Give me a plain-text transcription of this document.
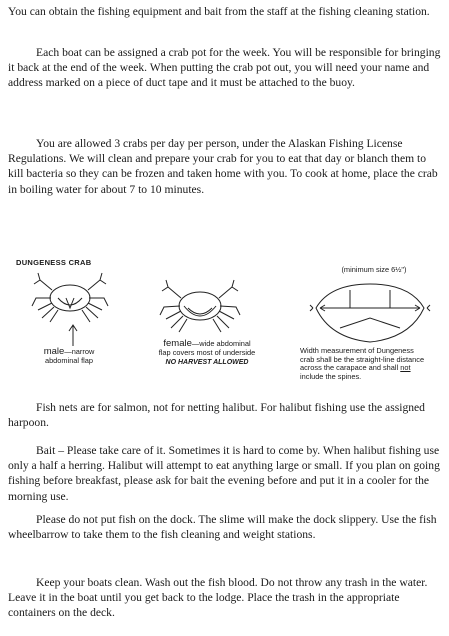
You can obtain the fishing equipment and bait from the staff at the fishing cleaning station.

Each boat can be assigned a crab pot for the week. You will be responsible for bringing it back at the end of the week. When putting the crab pot out, you will need your name and address marked on a piece of duct tape and it must be attached to the buoy.

You are allowed 3 crabs per day per person, under the Alaskan Fishing License Regulations. We will clean and prepare your crab for you to eat that day or blanch them to kill bacteria so they can be frozen and taken home with you. To cook at home, place the crab in boiling water for about 7 to 10 minutes.

DUNGENESS CRAB
male—narrow
abdominal flap
female—wide abdominal
flap covers most of underside
NO HARVEST ALLOWED
(minimum size 6½")
Width measurement of Dungeness
crab shall be the straight-line distance
across the carapace and shall not
include the spines.

Fish nets are for salmon, not for netting halibut. For halibut fishing use the assigned harpoon.

Bait – Please take care of it. Sometimes it is hard to come by. When halibut fishing use only a half a herring. Halibut will attempt to eat anything large or small. If you plan on going fishing before breakfast, please ask for bait the evening before and put it in a cooler for the morning use.

Please do not put fish on the dock. The slime will make the dock slippery. Use the fish wheelbarrow to take them to the fish cleaning and weight stations.

Keep your boats clean. Wash out the fish blood. Do not throw any trash in the water. Leave it in the boat until you get back to the lodge. Place the trash in the appropriate containers on the deck.
